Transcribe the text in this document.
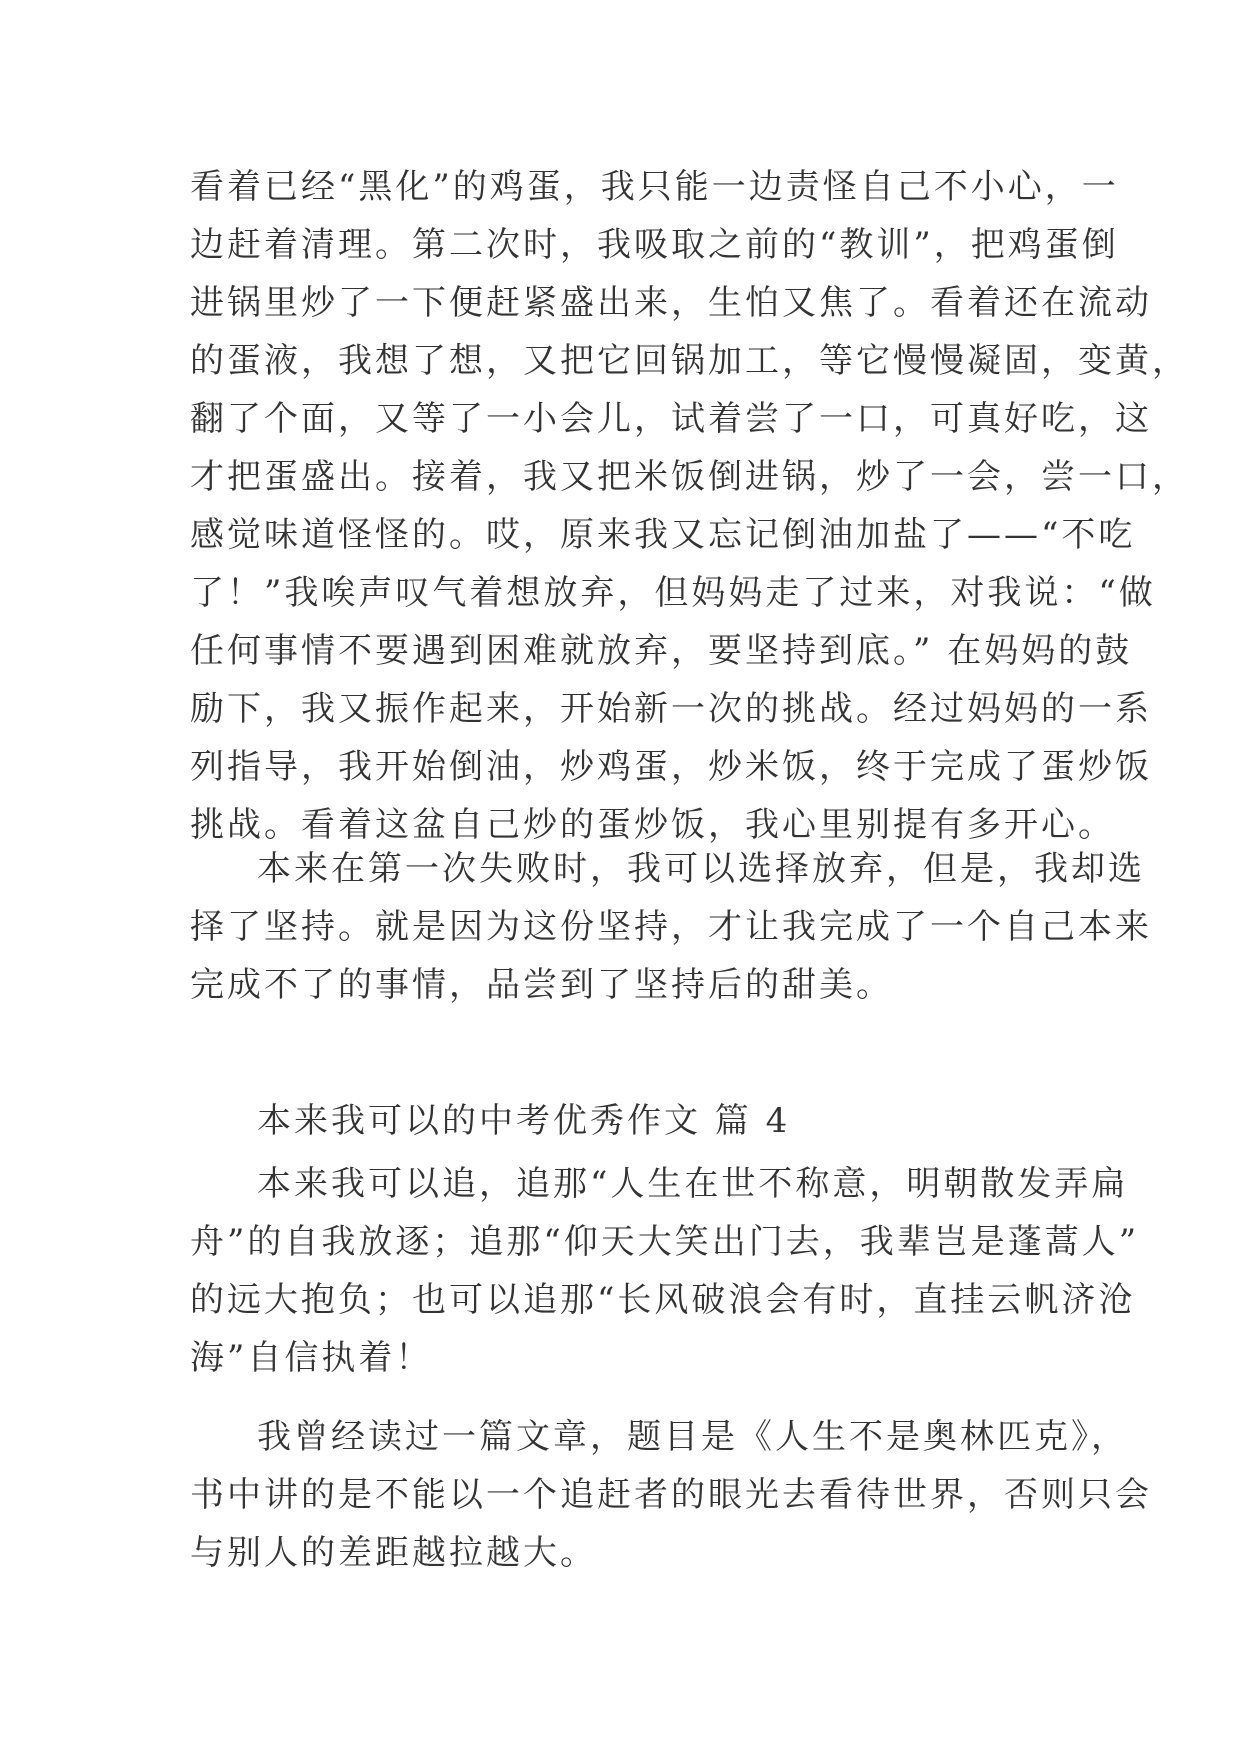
看着已经“黑化”的鸡蛋，我只能一边责怪自己不小心，一
边赶着清理。第二次时，我吸取之前的“教训”，把鸡蛋倒
进锅里炒了一下便赶紧盛出来，生怕又焦了。看着还在流动
的蛋液，我想了想，又把它回锅加工，等它慢慢凝固，变黄，
翻了个面，又等了一小会儿，试着尝了一口，可真好吃，这
才把蛋盛出。接着，我又把米饭倒进锅，炒了一会，尝一口，
感觉味道怪怪的。哎，原来我又忘记倒油加盐了——“不吃
了！”我唉声叹气着想放弃，但妈妈走了过来，对我说：“做
任何事情不要遇到困难就放弃，要坚持到底。” 在妈妈的鼓
励下，我又振作起来，开始新一次的挑战。经过妈妈的一系
列指导，我开始倒油，炒鸡蛋，炒米饭，终于完成了蛋炒饭
挑战。看着这盆自己炒的蛋炒饭，我心里别提有多开心。
本来在第一次失败时，我可以选择放弃，但是，我却选
择了坚持。就是因为这份坚持，才让我完成了一个自己本来
完成不了的事情，品尝到了坚持后的甜美。
本来我可以的中考优秀作文 篇 4
本来我可以追，追那“人生在世不称意，明朝散发弄扁
舟”的自我放逐；追那“仰天大笑出门去，我辈岂是蓬蒿人”
的远大抱负；也可以追那“长风破浪会有时，直挂云帆济沧
海”自信执着！
我曾经读过一篇文章，题目是《人生不是奥林匹克》，
书中讲的是不能以一个追赶者的眼光去看待世界，否则只会
与别人的差距越拉越大。
